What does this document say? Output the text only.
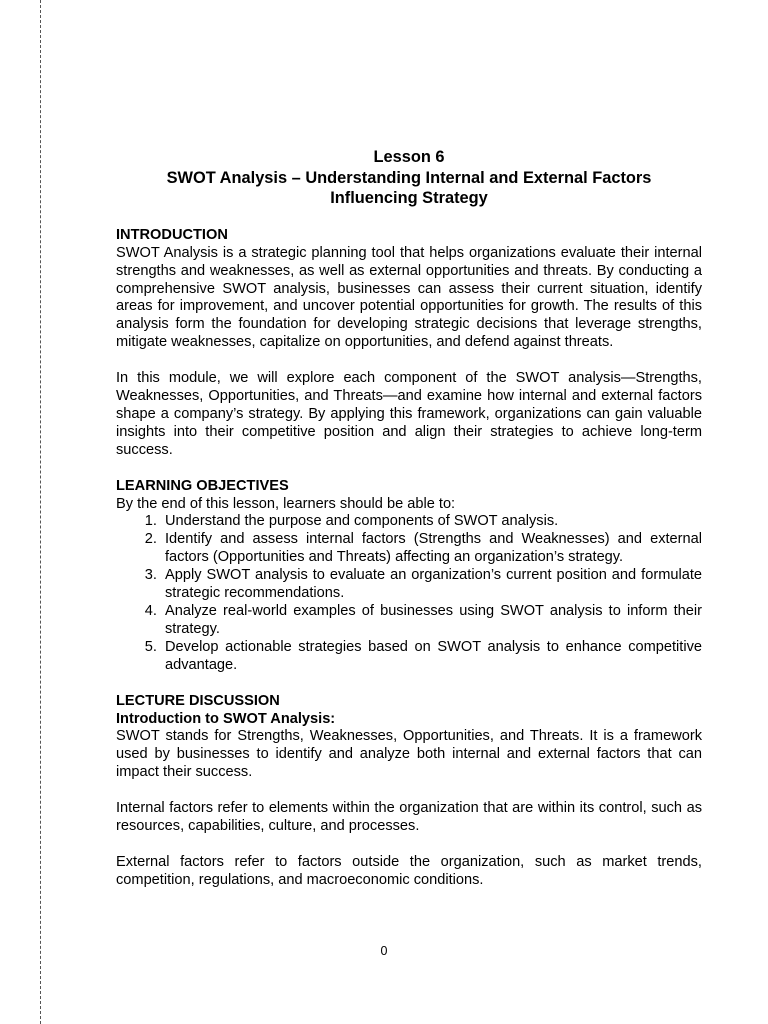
Lesson 6
SWOT Analysis – Understanding Internal and External Factors
Influencing Strategy
INTRODUCTION

SWOT Analysis is a strategic planning tool that helps organizations evaluate their internal strengths and weaknesses, as well as external opportunities and threats. By conducting a comprehensive SWOT analysis, businesses can assess their current situation, identify areas for improvement, and uncover potential opportunities for growth. The results of this analysis form the foundation for developing strategic decisions that leverage strengths, mitigate weaknesses, capitalize on opportunities, and defend against threats.

In this module, we will explore each component of the SWOT analysis—Strengths, Weaknesses, Opportunities, and Threats—and examine how internal and external factors shape a company’s strategy. By applying this framework, organizations can gain valuable insights into their competitive position and align their strategies to achieve long-term success.

LEARNING OBJECTIVES

By the end of this lesson, learners should be able to:

1. Understand the purpose and components of SWOT analysis.
2. Identify and assess internal factors (Strengths and Weaknesses) and external factors (Opportunities and Threats) affecting an organization’s strategy.
3. Apply SWOT analysis to evaluate an organization’s current position and formulate strategic recommendations.
4. Analyze real-world examples of businesses using SWOT analysis to inform their strategy.
5. Develop actionable strategies based on SWOT analysis to enhance competitive advantage.
LECTURE DISCUSSION
Introduction to SWOT Analysis:

SWOT stands for Strengths, Weaknesses, Opportunities, and Threats. It is a framework used by businesses to identify and analyze both internal and external factors that can impact their success.

Internal factors refer to elements within the organization that are within its control, such as resources, capabilities, culture, and processes.

External factors refer to factors outside the organization, such as market trends, competition, regulations, and macroeconomic conditions.

0
